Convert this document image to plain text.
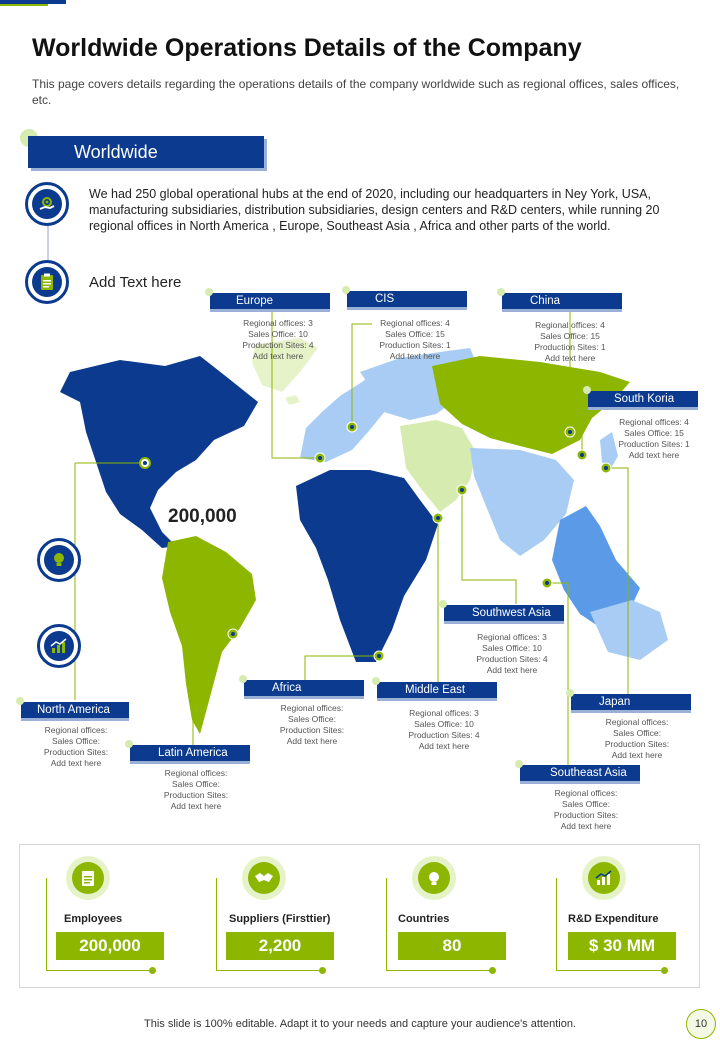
Worldwide Operations Details of the Company
This page covers details regarding the operations details of the company worldwide such as regional offices, sales offices, etc.
Worldwide
We had 250 global operational hubs at the end of 2020, including our headquarters in Ney York, USA, manufacturing subsidiaries, distribution subsidiaries, design centers and R&D centers, while running 20 regional offices in North America , Europe, Southeast Asia , Africa and other parts of the world.
Add Text here
200,000
Europe
Regional offices: 3
Sales Office: 10
Production Sites: 4
Add text here
CIS
Regional offices: 4
Sales Office: 15
Production Sites: 1
Add text here
China
Regional offices: 4
Sales Office: 15
Production Sites: 1
Add text here
South Koria
Regional offices: 4
Sales Office: 15
Production Sites: 1
Add text here
Southwest Asia
Regional offices: 3
Sales Office: 10
Production Sites: 4
Add text here
Africa
Regional offices:
Sales Office:
Production Sites:
Add text here
Middle East
Regional offices: 3
Sales Office: 10
Production Sites: 4
Add text here
Japan
Regional offices:
Sales Office:
Production Sites:
Add text here
North America
Regional offices:
Sales Office:
Production Sites:
Add text here
Latin America
Regional offices:
Sales Office:
Production Sites:
Add text here
Southeast Asia
Regional offices:
Sales Office:
Production Sites:
Add text here
Employees
200,000
Suppliers (Firsttier)
2,200
Countries
80
R&D Expenditure
$ 30 MM
This slide is 100% editable. Adapt it to your needs and capture your audience's attention.	10
